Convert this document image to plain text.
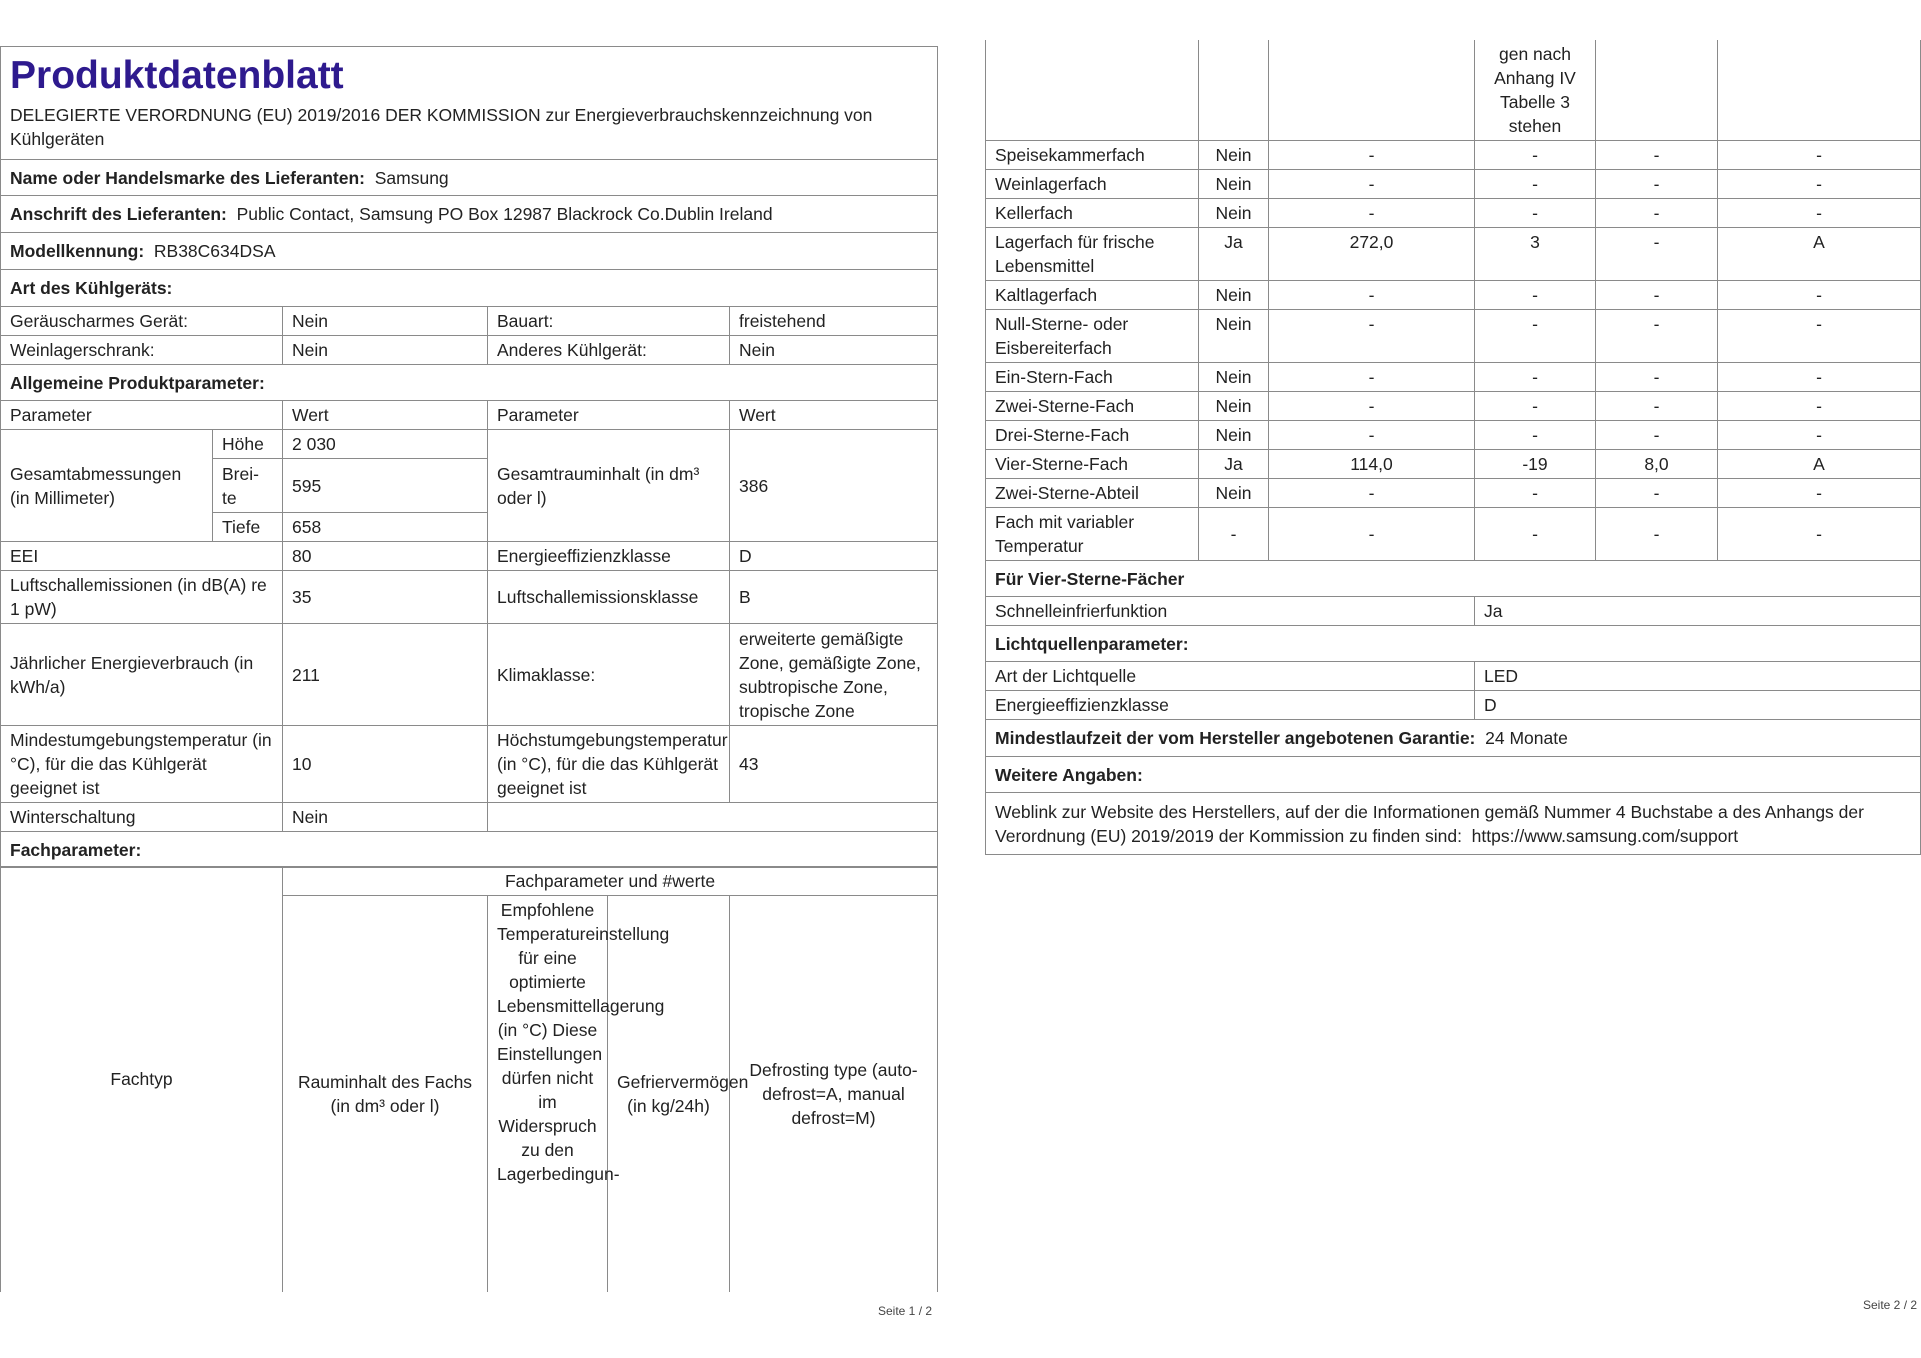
Produktdatenblatt				
DELEGIERTE VERORDNUNG (EU) 2019/2016 DER KOMMISSION zur Energieverbrauchskennzeichnung von Kühlgeräten				
Name oder Handelsmarke des Lieferanten: Samsung				
Anschrift des Lieferanten: Public Contact, Samsung PO Box 12987 Blackrock Co.Dublin Ireland				
Modellkennung: RB38C634DSA				
Art des Kühlgeräts:				
Geräuscharmes Gerät:		Nein	Bauart:	freistehend
Weinlagerschrank:		Nein	Anderes Kühlgerät:	Nein
Allgemeine Produktparameter:				
Parameter		Wert	Parameter	Wert
Gesamtabmessungen (in Millimeter)	Höhe	2 030	Gesamtrauminhalt (in dm³ oder l)	386
	Brei-te	595		
	Tiefe	658		
EEI		80	Energieeffizienzklasse	D
Luftschallemissionen (in dB(A) re 1 pW)		35	Luftschallemissionsklasse	B
Jährlicher Energieverbrauch (in kWh/a)		211	Klimaklasse:	erweiterte gemäßigte Zone, gemäßigte Zone, subtropische Zone, tropische Zone
Mindestumgebungstemperatur (in °C), für die das Kühlgerät geeignet ist		10	Höchstumgebungstemperatur (in °C), für die das Kühlgerät geeignet ist	43
Winterschaltung		Nein		
Fachparameter:				
Fachtyp	Fachparameter und #werte			
	Rauminhalt des Fachs (in dm³ oder l)	Empfohlene Temperatureinstellung für eine optimierte Lebensmittellagerung (in °C) Diese Einstellungen dürfen nicht im Widerspruch zu den Lagerbedingun-	Gefriervermögen (in kg/24h)	Defrosting type (auto-defrost=A, manual defrost=M)
Seite 1 / 2
			gen nach Anhang IV Tabelle 3 stehen		
Speisekammerfach	Nein	-	-	-	-
Weinlagerfach	Nein	-	-	-	-
Kellerfach	Nein	-	-	-	-
Lagerfach für frische Lebensmittel	Ja	272,0	3	-	A
Kaltlagerfach	Nein	-	-	-	-
Null-Sterne- oder Eisbereiterfach	Nein	-	-	-	-
Ein-Stern-Fach	Nein	-	-	-	-
Zwei-Sterne-Fach	Nein	-	-	-	-
Drei-Sterne-Fach	Nein	-	-	-	-
Vier-Sterne-Fach	Ja	114,0	-19	8,0	A
Zwei-Sterne-Abteil	Nein	-	-	-	-
Fach mit variabler Temperatur	-	-	-	-	-
Für Vier-Sterne-Fächer					
Schnelleinfrierfunktion			Ja		
Lichtquellenparameter:					
Art der Lichtquelle			LED		
Energieeffizienzklasse			D		
Mindestlaufzeit der vom Hersteller angebotenen Garantie: 24 Monate					
Weitere Angaben:					
Weblink zur Website des Herstellers, auf der die Informationen gemäß Nummer 4 Buchstabe a des Anhangs der Verordnung (EU) 2019/2019 der Kommission zu finden sind: https://www.samsung.com/support					
Seite 2 / 2
